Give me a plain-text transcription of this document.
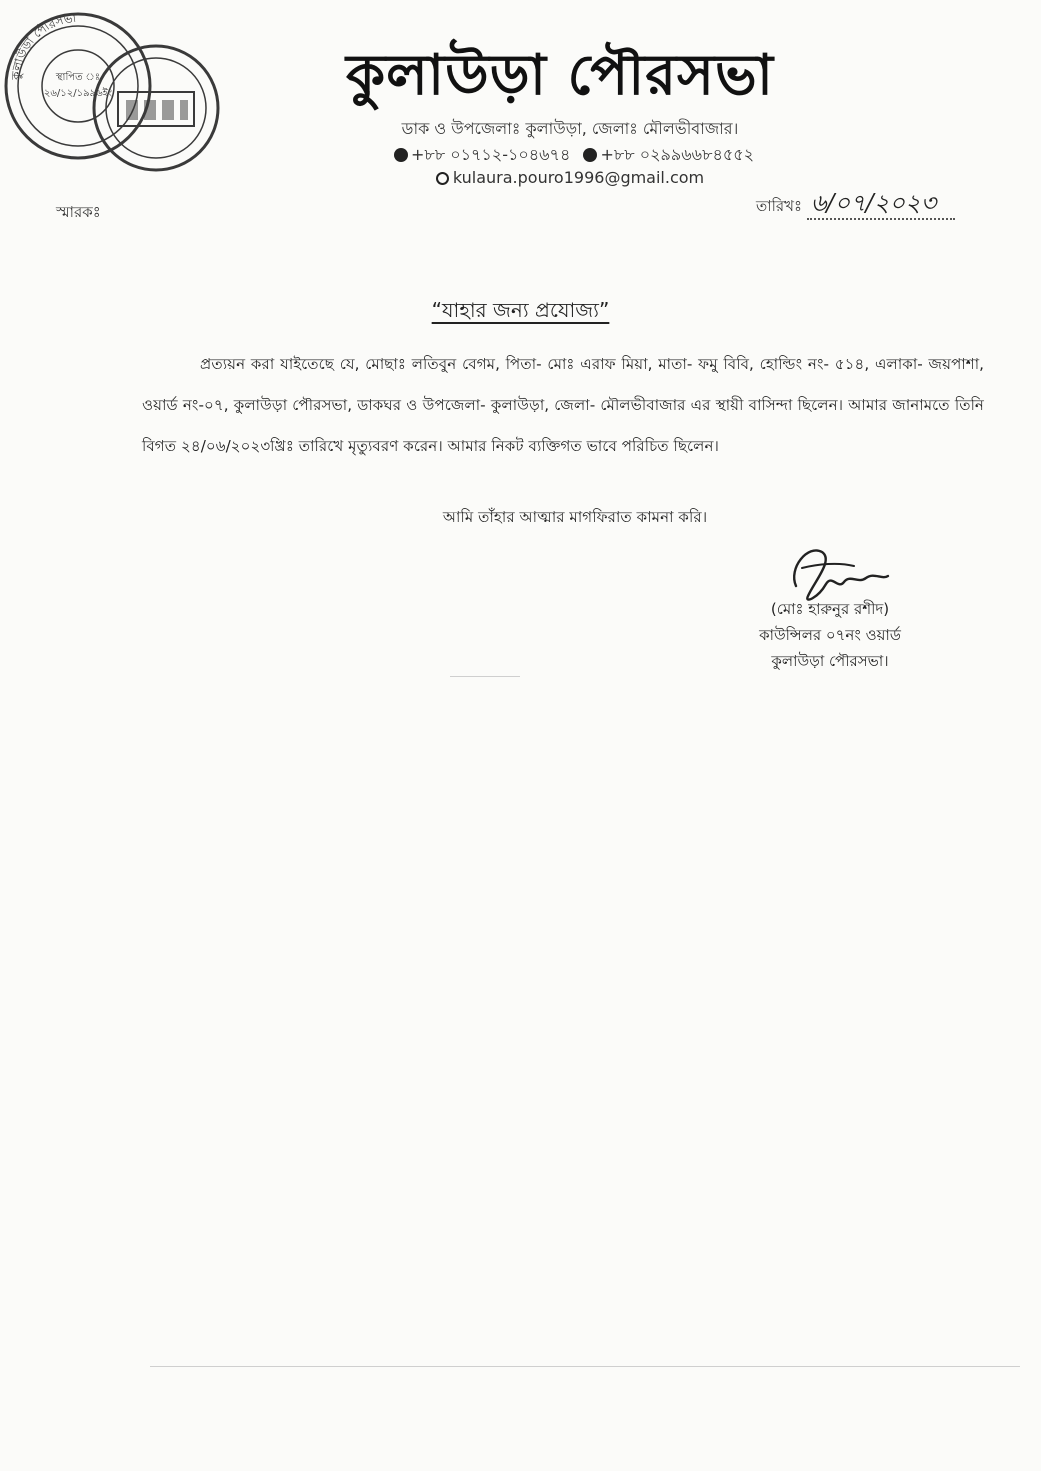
কুলাউড়া পৌরসভা
স্থাপিত ঃ
২৬/১২/১৯৯৬ইং	কুলাউড়া পৌরসভা
ডাক ও উপজেলাঃ কুলাউড়া, জেলাঃ মৌলভীবাজার।
+৮৮ ০১৭১২-১০৪৬৭৪ +৮৮ ০২৯৯৬৬৮৪৫৫২
kulaura.pouro1996@gmail.com
স্মারকঃ	তারিখঃ ৬/০৭/২০২৩
“যাহার জন্য প্রযোজ্য”

প্রত্যয়ন করা যাইতেছে যে, মোছাঃ লতিবুন বেগম, পিতা- মোঃ এরাফ মিয়া, মাতা- ফমু বিবি, হোল্ডিং নং- ৫১৪, এলাকা- জয়পাশা, ওয়ার্ড নং-০৭, কুলাউড়া পৌরসভা, ডাকঘর ও উপজেলা- কুলাউড়া, জেলা- মৌলভীবাজার এর স্থায়ী বাসিন্দা ছিলেন। আমার জানামতে তিনি বিগত ২৪/০৬/২০২৩খ্রিঃ তারিখে মৃত্যুবরণ করেন। আমার নিকট ব্যক্তিগত ভাবে পরিচিত ছিলেন।

আমি তাঁহার আত্মার মাগফিরাত কামনা করি।
(মোঃ হারুনুর রশীদ)
কাউন্সিলর ০৭নং ওয়ার্ড
কুলাউড়া পৌরসভা।
